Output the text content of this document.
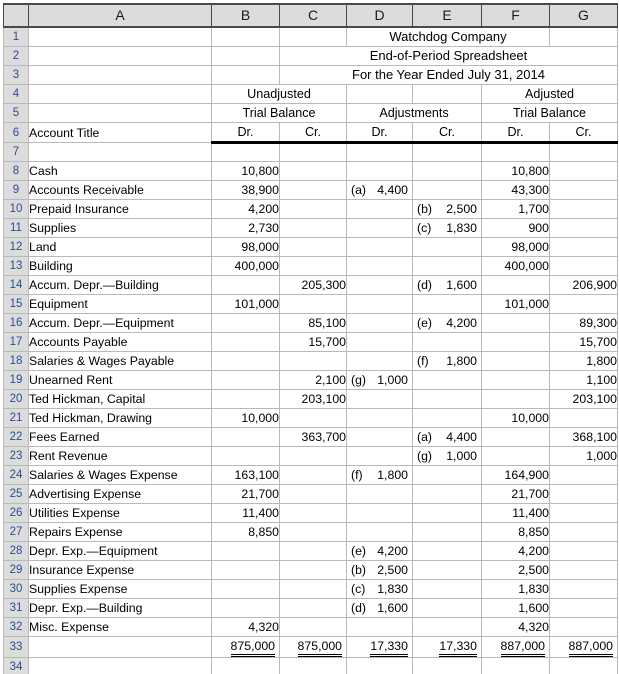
	A	B	C	D	E	F	G
1				Watchdog Company			
2			End-of-Period Spreadsheet				
3			For the Year Ended July 31, 2014				
4		Unadjusted				Adjusted	
5		Trial Balance		Adjustments		Trial Balance	
6	Account Title	Dr.	Cr.	Dr.	Cr.	Dr.	Cr.
7							
8	Cash	10,800				10,800	
9	Accounts Receivable	38,900		(a) 4,400		43,300	
10	Prepaid Insurance	4,200			(b) 2,500	1,700	
11	Supplies	2,730			(c) 1,830	900	
12	Land	98,000				98,000	
13	Building	400,000				400,000	
14	Accum. Depr.—Building		205,300		(d) 1,600		206,900
15	Equipment	101,000				101,000	
16	Accum. Depr.—Equipment		85,100		(e) 4,200		89,300
17	Accounts Payable		15,700				15,700
18	Salaries & Wages Payable				(f) 1,800		1,800
19	Unearned Rent		2,100	(g) 1,000			1,100
20	Ted Hickman, Capital		203,100				203,100
21	Ted Hickman, Drawing	10,000				10,000	
22	Fees Earned		363,700		(a) 4,400		368,100
23	Rent Revenue				(g) 1,000		1,000
24	Salaries & Wages Expense	163,100		(f) 1,800		164,900	
25	Advertising Expense	21,700				21,700	
26	Utilities Expense	11,400				11,400	
27	Repairs Expense	8,850				8,850	
28	Depr. Exp.—Equipment			(e) 4,200		4,200	
29	Insurance Expense			(b) 2,500		2,500	
30	Supplies Expense			(c) 1,830		1,830	
31	Depr. Exp.—Building			(d) 1,600		1,600	
32	Misc. Expense	4,320				4,320	
33		875,000	875,000	17,330	17,330	887,000	887,000
34							
